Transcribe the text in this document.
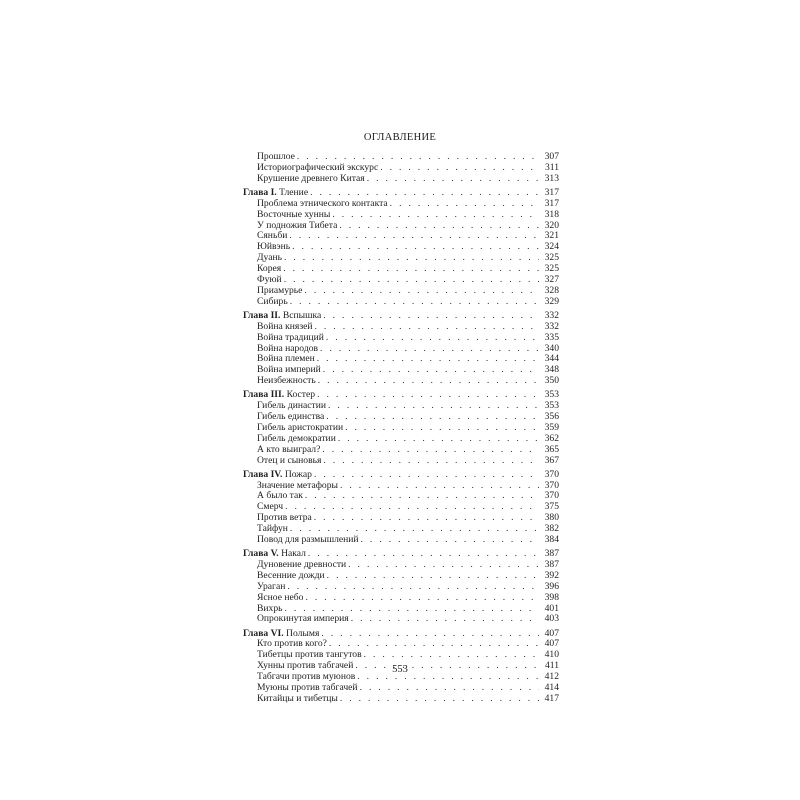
ОГЛАВЛЕНИЕ
Прошлое . . .	307
Историографический экскурс . . .	311
Крушение древнего Китая . . .	313
Глава I. Тление . . .	317
Проблема этнического контакта . . .	317
Восточные хунны . . .	318
У подножия Тибета . . .	320
Сяньби . . .	321
Юйвэнь . . .	324
Дуань . . .	325
Корея . . .	325
Фуюй . . .	327
Приамурье . . .	328
Сибирь . . .	329
Глава II. Вспышка . . .	332
Война князей . . .	332
Война традиций . . .	335
Война народов . . .	340
Война племен . . .	344
Война империй . . .	348
Неизбежность . . .	350
Глава III. Костер . . .	353
Гибель династии . . .	353
Гибель единства . . .	356
Гибель аристократии . . .	359
Гибель демократии . . .	362
А кто выиграл? . . .	365
Отец и сыновья . . .	367
Глава IV. Пожар . . .	370
Значение метафоры . . .	370
А было так . . .	370
Смерч . . .	375
Против ветра . . .	380
Тайфун . . .	382
Повод для размышлений . . .	384
Глава V. Накал . . .	387
Дуновение древности . . .	387
Весенние дожди . . .	392
Ураган . . .	396
Ясное небо . . .	398
Вихрь . . .	401
Опрокинутая империя . . .	403
Глава VI. Полымя . . .	407
Кто против кого? . . .	407
Тибетцы против тангутов . . .	410
Хунны против табгачей . . .	411
Табгачи против муюнов . . .	412
Муюны против табгачей . . .	414
Китайцы и тибетцы . . .	417
553
